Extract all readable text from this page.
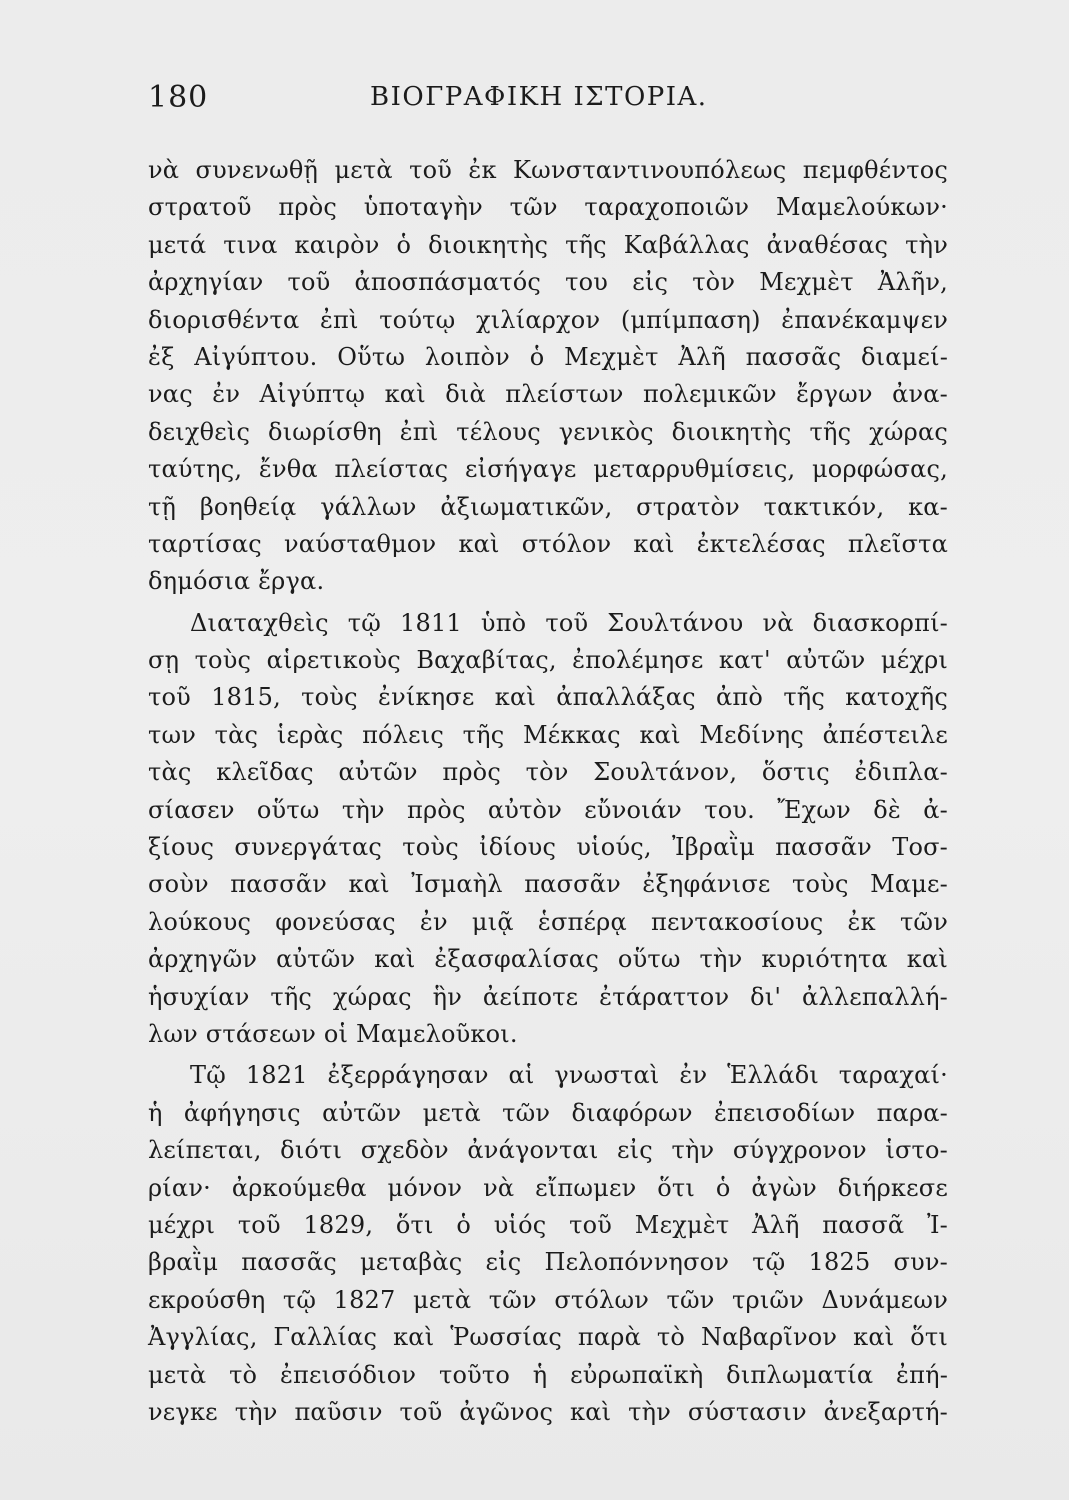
180	ΒΙΟΓΡΑΦΙΚΗ ΙΣΤΟΡΙΑ.
νὰ συνενωθῇ μετὰ τοῦ ἐκ Κωνσταντινουπόλεως πεμφθέντος
στρατοῦ πρὸς ὑποταγὴν τῶν ταραχοποιῶν Μαμελούκων·
μετά τινα καιρὸν ὁ διοικητὴς τῆς Καβάλλας ἀναθέσας τὴν
ἀρχηγίαν τοῦ ἀποσπάσματός του εἰς τὸν Μεχμὲτ Ἀλῆν,
διορισθέντα ἐπὶ τούτῳ χιλίαρχον (μπίμπαση) ἐπανέκαμψεν
ἐξ Αἰγύπτου. Οὕτω λοιπὸν ὁ Μεχμὲτ Ἀλῆ πασσᾶς διαμεί-
νας ἐν Αἰγύπτῳ καὶ διὰ πλείστων πολεμικῶν ἔργων ἀνα-
δειχθεὶς διωρίσθη ἐπὶ τέλους γενικὸς διοικητὴς τῆς χώρας
ταύτης, ἔνθα πλείστας εἰσήγαγε μεταρρυθμίσεις, μορφώσας,
τῇ βοηθείᾳ γάλλων ἀξιωματικῶν, στρατὸν τακτικόν, κα-
ταρτίσας ναύσταθμον καὶ στόλον καὶ ἐκτελέσας πλεῖστα
δημόσια ἔργα.
Διαταχθεὶς τῷ 1811 ὑπὸ τοῦ Σουλτάνου νὰ διασκορπί-
σῃ τοὺς αἱρετικοὺς Βαχαβίτας, ἐπολέμησε κατ' αὐτῶν μέχρι
τοῦ 1815, τοὺς ἐνίκησε καὶ ἀπαλλάξας ἀπὸ τῆς κατοχῆς
των τὰς ἱερὰς πόλεις τῆς Μέκκας καὶ Μεδίνης ἀπέστειλε
τὰς κλεῖδας αὐτῶν πρὸς τὸν Σουλτάνον, ὅστις ἐδιπλα-
σίασεν οὕτω τὴν πρὸς αὐτὸν εὔνοιάν του. Ἔχων δὲ ἀ-
ξίους συνεργάτας τοὺς ἰδίους υἱούς, Ἰβραῒμ πασσᾶν Τοσ-
σοὺν πασσᾶν καὶ Ἰσμαὴλ πασσᾶν ἐξηφάνισε τοὺς Μαμε-
λούκους φονεύσας ἐν μιᾷ ἑσπέρᾳ πεντακοσίους ἐκ τῶν
ἀρχηγῶν αὐτῶν καὶ ἐξασφαλίσας οὕτω τὴν κυριότητα καὶ
ἡσυχίαν τῆς χώρας ἣν ἀείποτε ἐτάραττον δι' ἀλλεπαλλή-
λων στάσεων οἱ Μαμελοῦκοι.
Τῷ 1821 ἐξερράγησαν αἱ γνωσταὶ ἐν Ἑλλάδι ταραχαί·
ἡ ἀφήγησις αὐτῶν μετὰ τῶν διαφόρων ἐπεισοδίων παρα-
λείπεται, διότι σχεδὸν ἀνάγονται εἰς τὴν σύγχρονον ἱστο-
ρίαν· ἀρκούμεθα μόνον νὰ εἴπωμεν ὅτι ὁ ἀγὼν διήρκεσε
μέχρι τοῦ 1829, ὅτι ὁ υἱός τοῦ Μεχμὲτ Ἀλῆ πασσᾶ Ἰ-
βραῒμ πασσᾶς μεταβὰς εἰς Πελοπόννησον τῷ 1825 συν-
εκρούσθη τῷ 1827 μετὰ τῶν στόλων τῶν τριῶν Δυνάμεων
Ἀγγλίας, Γαλλίας καὶ Ῥωσσίας παρὰ τὸ Ναβαρῖνον καὶ ὅτι
μετὰ τὸ ἐπεισόδιον τοῦτο ἡ εὐρωπαϊκὴ διπλωματία ἐπή-
νεγκε τὴν παῦσιν τοῦ ἀγῶνος καὶ τὴν σύστασιν ἀνεξαρτή-
